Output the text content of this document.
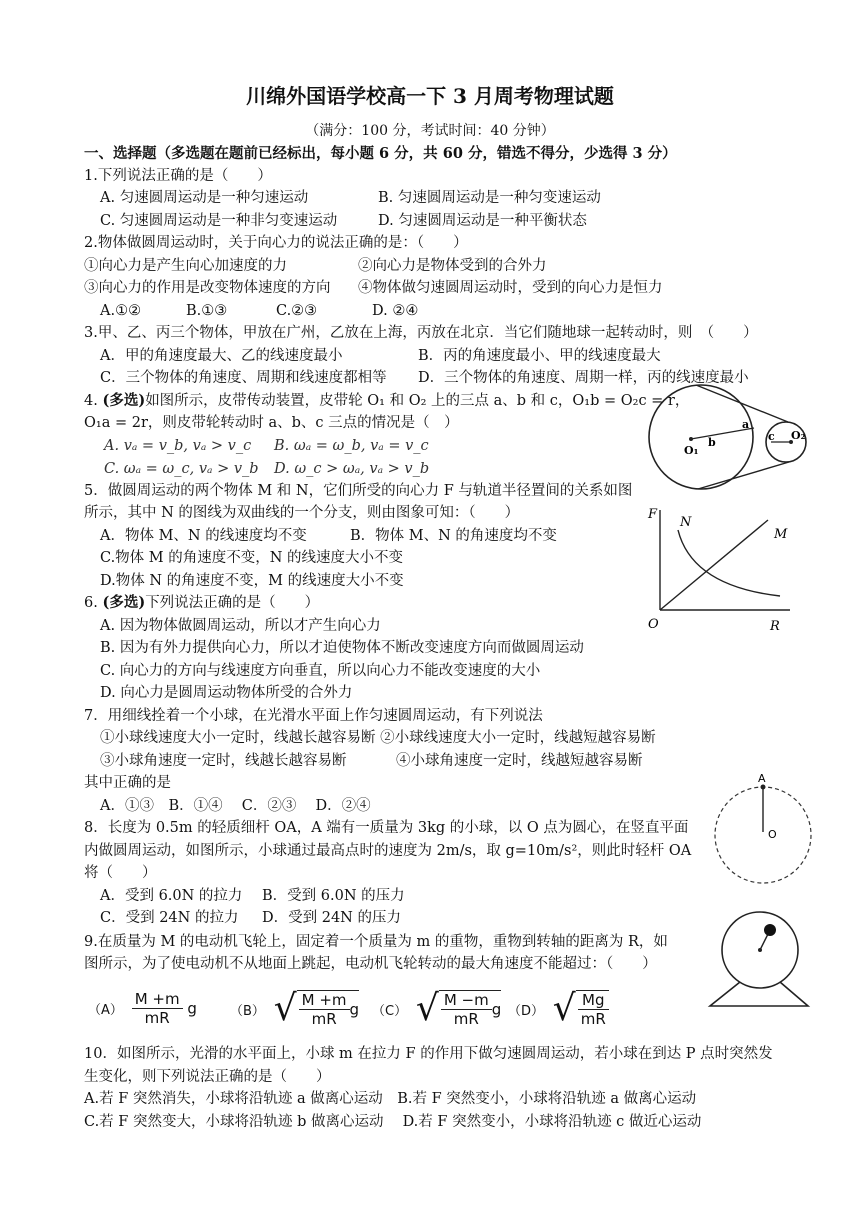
川绵外国语学校高一下 3 月周考物理试题
（满分：100 分，考试时间：40 分钟）
一、选择题（多选题在题前已经标出，每小题 6 分，共 60 分，错选不得分，少选得 3 分）
1.下列说法正确的是（　　）
A. 匀速圆周运动是一种匀速运动	B. 匀速圆周运动是一种匀变速运动
C. 匀速圆周运动是一种非匀变速运动	D. 匀速圆周运动是一种平衡状态
2.物体做圆周运动时，关于向心力的说法正确的是：（　　）
①向心力是产生向心加速度的力	②向心力是物体受到的合外力
③向心力的作用是改变物体速度的方向 ④物体做匀速圆周运动时，受到的向心力是恒力
A.①②	B.①③	C.②③	D. ②④
3.甲、乙、丙三个物体，甲放在广州，乙放在上海，丙放在北京．当它们随地球一起转动时，则　（　　）
A．甲的角速度最大、乙的线速度最小	B．丙的角速度最小、甲的线速度最大
C．三个物体的角速度、周期和线速度都相等 D．三个物体的角速度、周期一样，丙的线速度最小
4. (多选)如图所示，皮带传动装置，皮带轮 O₁ 和 O₂ 上的三点 a、b 和 c，O₁b = O₂c = r，
O₁a = 2r，则皮带轮转动时 a、b、c 三点的情况是（　）
A. vₐ = v_b, vₐ > v_c B. ωₐ = ω_b, vₐ = v_c
C. ωₐ = ω_c, vₐ > v_b D. ω_c > ωₐ, vₐ > v_b
O₁
b
a
c O₂
5．做圆周运动的两个物体 M 和 N，它们所受的向心力 F 与轨道半径置间的关系如图
所示，其中 N 的图线为双曲线的一个分支，则由图象可知：（　　）
A．物体 M、N 的线速度均不变	B．物体 M、N 的角速度均不变
C.物体 M 的角速度不变，N 的线速度大小不变
D.物体 N 的角速度不变，M 的线速度大小不变
F
N
M
O	R
6. (多选)下列说法正确的是（　　）
A. 因为物体做圆周运动，所以才产生向心力
B. 因为有外力提供向心力，所以才迫使物体不断改变速度方向而做圆周运动
C. 向心力的方向与线速度方向垂直，所以向心力不能改变速度的大小
D. 向心力是圆周运动物体所受的合外力
7．用细线拴着一个小球，在光滑水平面上作匀速圆周运动，有下列说法
①小球线速度大小一定时，线越长越容易断 ②小球线速度大小一定时，线越短越容易断
③小球角速度一定时，线越长越容易断	④小球角速度一定时，线越短越容易断
其中正确的是
A．①③　B．①④　 C．②③　 D．②④
A
O
8．长度为 0.5m 的轻质细杆 OA，A 端有一质量为 3kg 的小球，以 O 点为圆心，在竖直平面
内做圆周运动，如图所示，小球通过最高点时的速度为 2m/s，取 g=10m/s²，则此时轻杆 OA
将（　　）
A．受到 6.0N 的拉力 B．受到 6.0N 的压力
C．受到 24N 的拉力 D．受到 24N 的压力
9.在质量为 M 的电动机飞轮上，固定着一个质量为 m 的重物，重物到转轴的距离为 R，如
图所示，为了使电动机不从地面上跳起，电动机飞轮转动的最大角速度不能超过：（　　）
$(A) \frac{M +m}{mR}$ g	（B） √ $\frac{M +m}{mR}$ g （C） √ $\frac{M -m}{mR}$ g （D） √ $\frac{Mg}{mR}$
10．如图所示，光滑的水平面上，小球 m 在拉力 F 的作用下做匀速圆周运动，若小球在到达 P 点时突然发
生变化，则下列说法正确的是（　　）
A.若 F 突然消失，小球将沿轨迹 a 做离心运动　B.若 F 突然变小，小球将沿轨迹 a 做离心运动
C.若 F 突然变大，小球将沿轨迹 b 做离心运动　 D.若 F 突然变小，小球将沿轨迹 c 做近心运动
